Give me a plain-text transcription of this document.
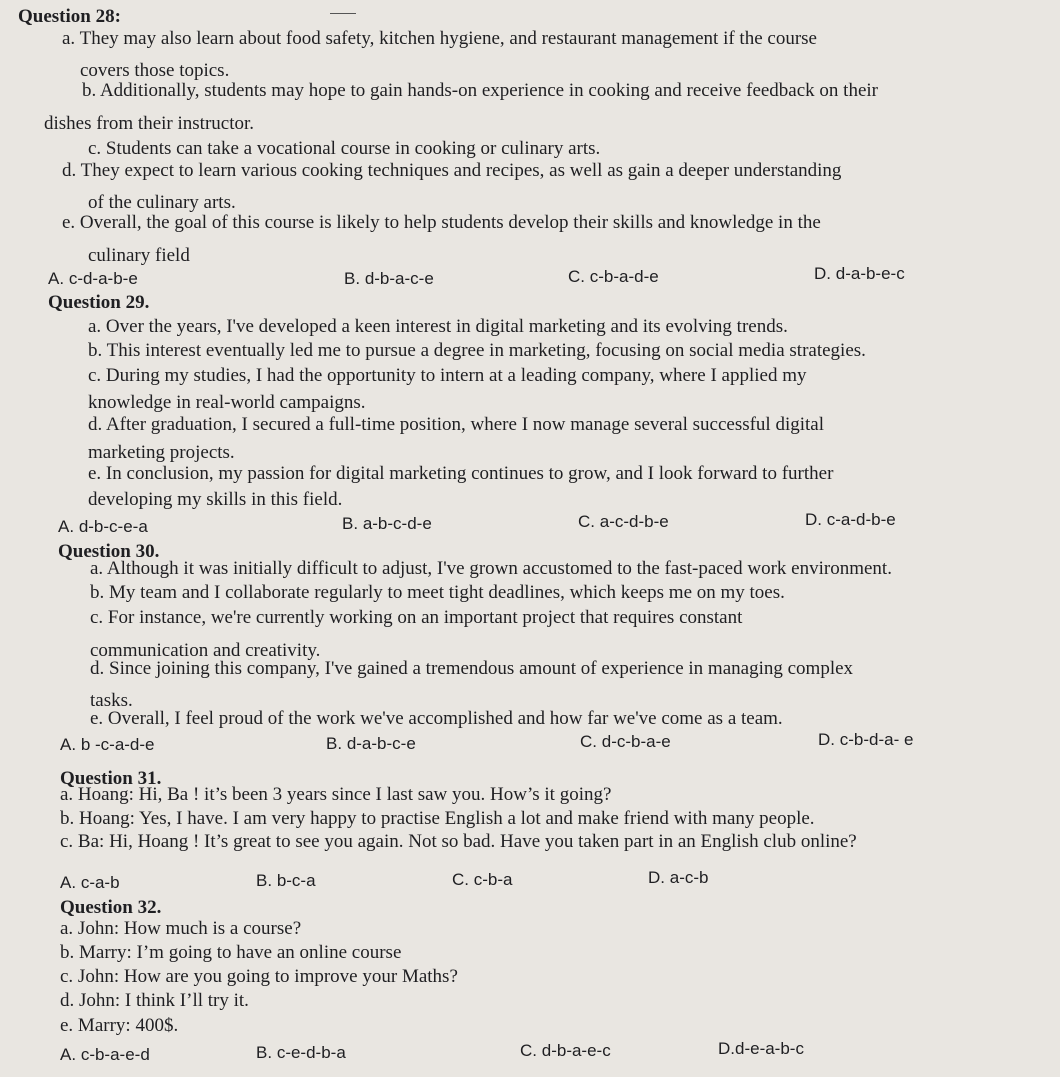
Question 28:
a. They may also learn about food safety, kitchen hygiene, and restaurant management if the course
covers those topics.
b. Additionally, students may hope to gain hands-on experience in cooking and receive feedback on their
dishes from their instructor.
c. Students can take a vocational course in cooking or culinary arts.
d. They expect to learn various cooking techniques and recipes, as well as gain a deeper understanding
of the culinary arts.
e. Overall, the goal of this course is likely to help students develop their skills and knowledge in the
culinary field
A. c-d-a-b-e	B. d-b-a-c-e	C. c-b-a-d-e	D. d-a-b-e-c
Question 29.
a. Over the years, I've developed a keen interest in digital marketing and its evolving trends.
b. This interest eventually led me to pursue a degree in marketing, focusing on social media strategies.
c. During my studies, I had the opportunity to intern at a leading company, where I applied my
knowledge in real-world campaigns.
d. After graduation, I secured a full-time position, where I now manage several successful digital
marketing projects.
e. In conclusion, my passion for digital marketing continues to grow, and I look forward to further
developing my skills in this field.
A. d-b-c-e-a	B. a-b-c-d-e	C. a-c-d-b-e	D. c-a-d-b-e
Question 30.
a. Although it was initially difficult to adjust, I've grown accustomed to the fast-paced work environment.
b. My team and I collaborate regularly to meet tight deadlines, which keeps me on my toes.
c. For instance, we're currently working on an important project that requires constant
communication and creativity.
d. Since joining this company, I've gained a tremendous amount of experience in managing complex
tasks.
e. Overall, I feel proud of the work we've accomplished and how far we've come as a team.
A. b -c-a-d-e	B. d-a-b-c-e	C. d-c-b-a-e	D. c-b-d-a- e
Question 31.
a. Hoang: Hi, Ba ! it’s been 3 years since I last saw you. How’s it going?
b. Hoang: Yes, I have. I am very happy to practise English a lot and make friend with many people.
c. Ba: Hi, Hoang ! It’s great to see you again. Not so bad. Have you taken part in an English club online?
A. c-a-b	B. b-c-a	C. c-b-a	D. a-c-b
Question 32.
a. John: How much is a course?
b. Marry: I’m going to have an online course
c. John: How are you going to improve your Maths?
d. John: I think I’ll try it.
e. Marry: 400$.
A. c-b-a-e-d	B. c-e-d-b-a	C. d-b-a-e-c	D.d-e-a-b-c
